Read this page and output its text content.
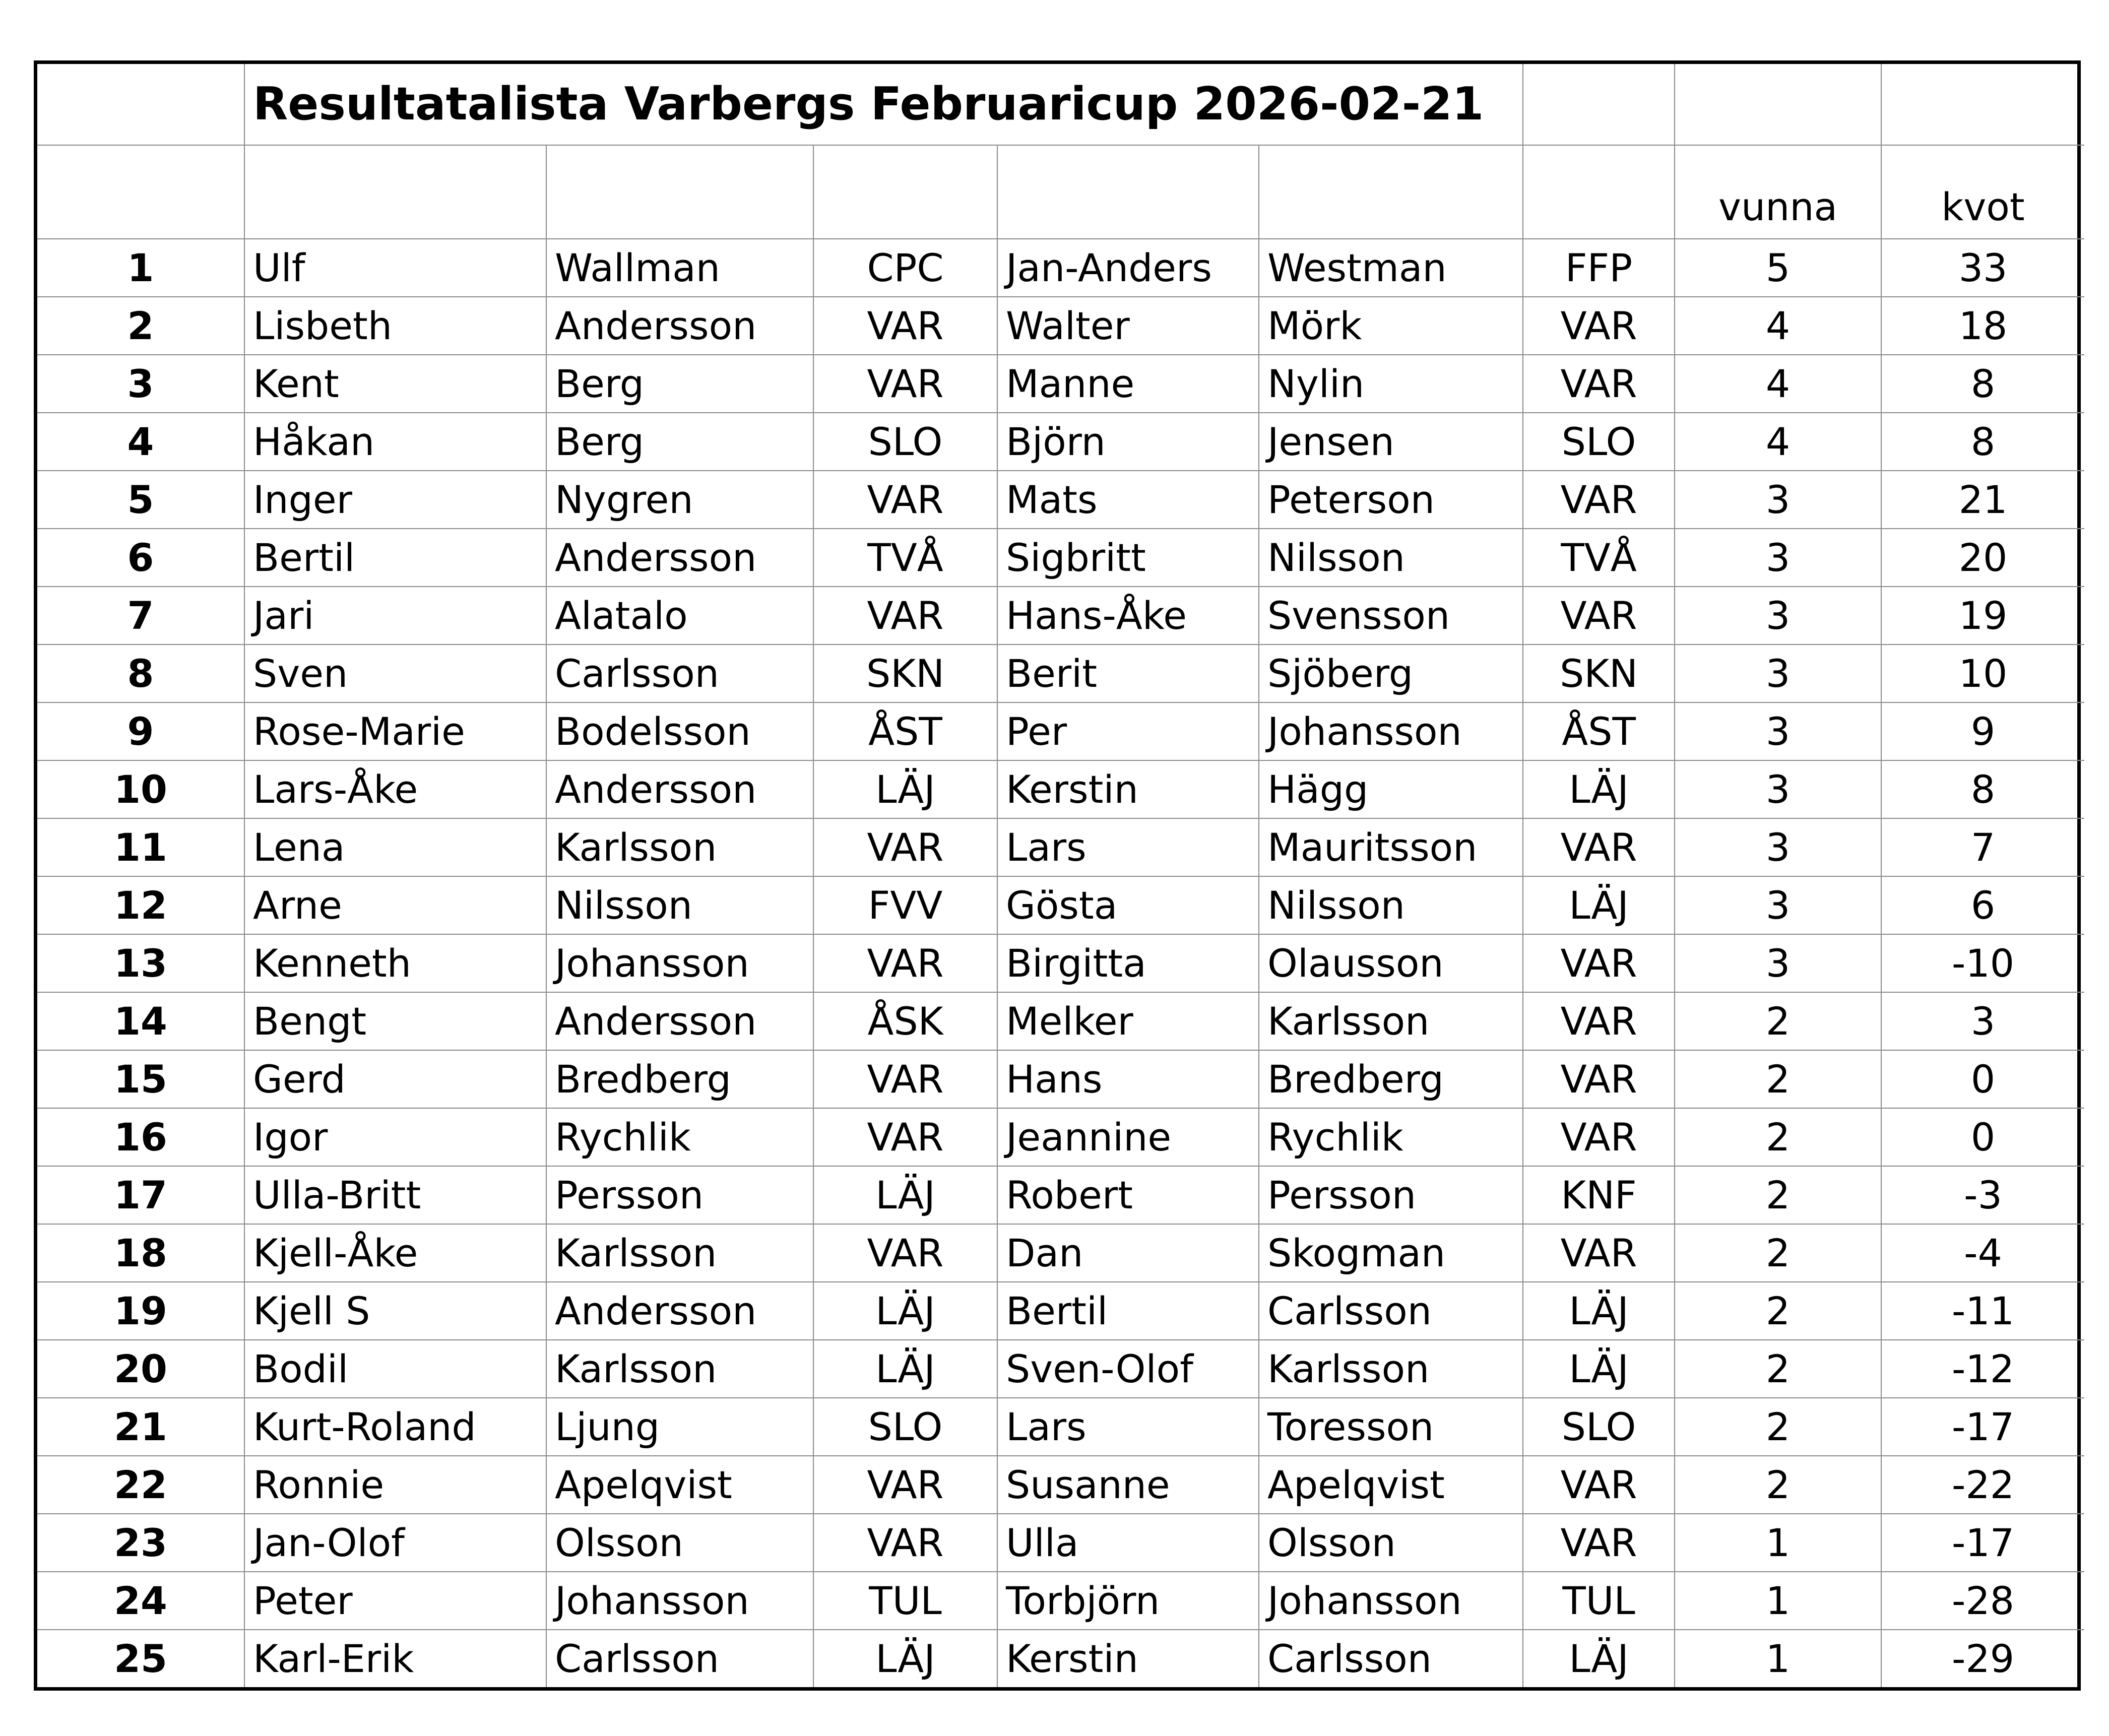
	Resultatalista Varbergs Februaricup 2026-02-21							
							vunna	kvot
1	Ulf	Wallman	CPC	Jan-Anders	Westman	FFP	5	33
2	Lisbeth	Andersson	VAR	Walter	Mörk	VAR	4	18
3	Kent	Berg	VAR	Manne	Nylin	VAR	4	8
4	Håkan	Berg	SLO	Björn	Jensen	SLO	4	8
5	Inger	Nygren	VAR	Mats	Peterson	VAR	3	21
6	Bertil	Andersson	TVÅ	Sigbritt	Nilsson	TVÅ	3	20
7	Jari	Alatalo	VAR	Hans-Åke	Svensson	VAR	3	19
8	Sven	Carlsson	SKN	Berit	Sjöberg	SKN	3	10
9	Rose-Marie	Bodelsson	ÅST	Per	Johansson	ÅST	3	9
10	Lars-Åke	Andersson	LÄJ	Kerstin	Hägg	LÄJ	3	8
11	Lena	Karlsson	VAR	Lars	Mauritsson	VAR	3	7
12	Arne	Nilsson	FVV	Gösta	Nilsson	LÄJ	3	6
13	Kenneth	Johansson	VAR	Birgitta	Olausson	VAR	3	-10
14	Bengt	Andersson	ÅSK	Melker	Karlsson	VAR	2	3
15	Gerd	Bredberg	VAR	Hans	Bredberg	VAR	2	0
16	Igor	Rychlik	VAR	Jeannine	Rychlik	VAR	2	0
17	Ulla-Britt	Persson	LÄJ	Robert	Persson	KNF	2	-3
18	Kjell-Åke	Karlsson	VAR	Dan	Skogman	VAR	2	-4
19	Kjell S	Andersson	LÄJ	Bertil	Carlsson	LÄJ	2	-11
20	Bodil	Karlsson	LÄJ	Sven-Olof	Karlsson	LÄJ	2	-12
21	Kurt-Roland	Ljung	SLO	Lars	Toresson	SLO	2	-17
22	Ronnie	Apelqvist	VAR	Susanne	Apelqvist	VAR	2	-22
23	Jan-Olof	Olsson	VAR	Ulla	Olsson	VAR	1	-17
24	Peter	Johansson	TUL	Torbjörn	Johansson	TUL	1	-28
25	Karl-Erik	Carlsson	LÄJ	Kerstin	Carlsson	LÄJ	1	-29
